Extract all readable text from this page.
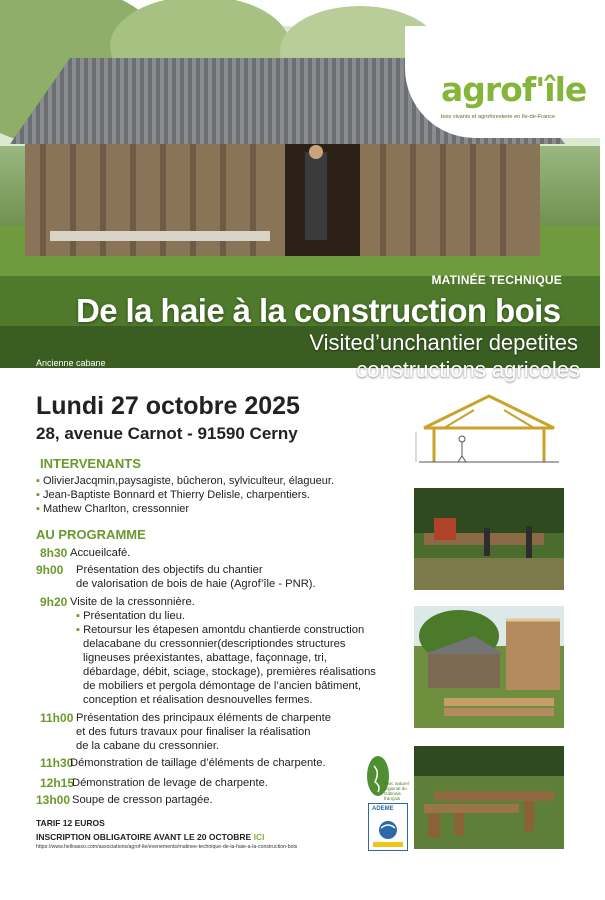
agrof'île
bois vivants et agroforesterie en Ile-de-France
MATINÉE TECHNIQUE
De la haie à la construction bois
Visited’unchantier depetites
constructions agricoles
Ancienne cabane
à reconstruire
Lundi 27 octobre 2025
28, avenue Carnot - 91590 Cerny
INTERVENANTS
▪ OlivierJacqmin,paysagiste, bûcheron, sylviculteur, élagueur.
▪ Jean-Baptiste Bonnard et Thierry Delisle, charpentiers.
▪ Mathew Charlton, cressonnier
AU PROGRAMME
8h30 Accueilcafé.
9h00 Présentation des objectifs du chantier
de valorisation de bois de haie (Agrof’île - PNR).
9h20 Visite de la cressonnière.
▪ Présentation du lieu.
▪ Retoursur les étapesen amontdu chantierde construction
delacabane du cressonnier(descriptiondes structures
ligneuses préexistantes, abattage, façonnage, tri,
débardage, débit, sciage, stockage), premières réalisations
de mobiliers et pergola démontage de l’ancien bâtiment,
conception et réalisation desnouvelles fermes.
11h00 Présentation des principaux éléments de charpente
et des futurs travaux pour finaliser la réalisation
de la cabane du cressonnier.
11h30
Démonstration de taillage d’éléments de charpente.
12h15
Démonstration de levage de charpente.
13h00 Soupe de cresson partagée.
TARIF 12 EUROS
INSCRIPTION OBLIGATOIRE AVANT LE 20 OCTOBRE ICI
https://www.helloasso.com/associations/agrof-ile/evenements/matinee-technique-de-la-haie-a-la-construction-bois
Parc naturel régional du Gâtinais français
ADEME
